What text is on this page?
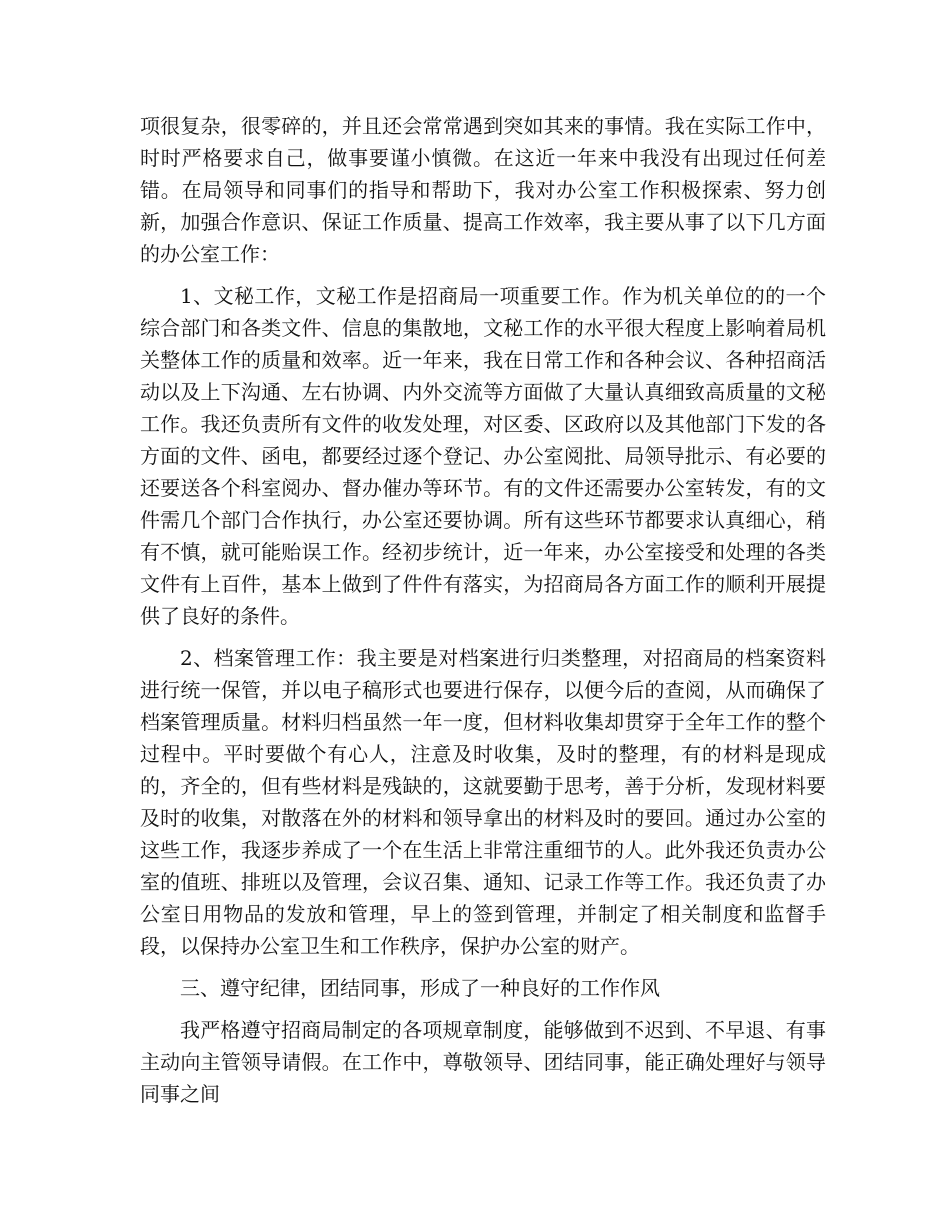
项很复杂，很零碎的，并且还会常常遇到突如其来的事情。我在实际工作中，时时严格要求自己，做事要谨小慎微。在这近一年来中我没有出现过任何差错。在局领导和同事们的指导和帮助下，我对办公室工作积极探索、努力创新，加强合作意识、保证工作质量、提高工作效率，我主要从事了以下几方面的办公室工作：

1、文秘工作，文秘工作是招商局一项重要工作。作为机关单位的的一个综合部门和各类文件、信息的集散地，文秘工作的水平很大程度上影响着局机关整体工作的质量和效率。近一年来，我在日常工作和各种会议、各种招商活动以及上下沟通、左右协调、内外交流等方面做了大量认真细致高质量的文秘工作。我还负责所有文件的收发处理，对区委、区政府以及其他部门下发的各方面的文件、函电，都要经过逐个登记、办公室阅批、局领导批示、有必要的还要送各个科室阅办、督办催办等环节。有的文件还需要办公室转发，有的文件需几个部门合作执行，办公室还要协调。所有这些环节都要求认真细心，稍有不慎，就可能贻误工作。经初步统计，近一年来，办公室接受和处理的各类文件有上百件，基本上做到了件件有落实，为招商局各方面工作的顺利开展提供了良好的条件。

2、档案管理工作：我主要是对档案进行归类整理，对招商局的档案资料进行统一保管，并以电子稿形式也要进行保存，以便今后的查阅，从而确保了档案管理质量。材料归档虽然一年一度，但材料收集却贯穿于全年工作的整个过程中。平时要做个有心人，注意及时收集，及时的整理，有的材料是现成的，齐全的，但有些材料是残缺的，这就要勤于思考，善于分析，发现材料要及时的收集，对散落在外的材料和领导拿出的材料及时的要回。通过办公室的这些工作，我逐步养成了一个在生活上非常注重细节的人。此外我还负责办公室的值班、排班以及管理，会议召集、通知、记录工作等工作。我还负责了办公室日用物品的发放和管理，早上的签到管理，并制定了相关制度和监督手段，以保持办公室卫生和工作秩序，保护办公室的财产。

三、遵守纪律，团结同事，形成了一种良好的工作作风

我严格遵守招商局制定的各项规章制度，能够做到不迟到、不早退、有事主动向主管领导请假。在工作中，尊敬领导、团结同事，能正确处理好与领导同事之间
